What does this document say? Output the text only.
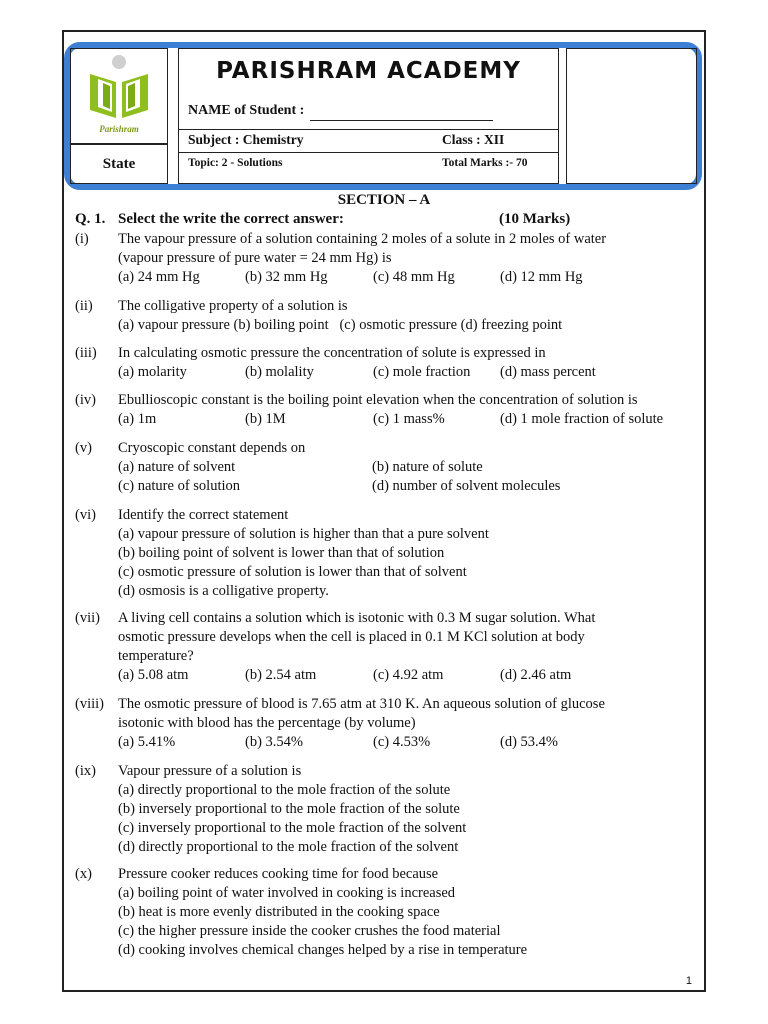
Parishram
State
PARISHRAM ACADEMY
NAME of Student :
Subject : Chemistry	Class : XII
Topic: 2 - Solutions	Total Marks :- 70
SECTION – A
Q. 1. Select the write the correct answer:	(10 Marks)
(i) The vapour pressure of a solution containing 2 moles of a solute in 2 moles of water
(vapour pressure of pure water = 24 mm Hg) is
(a) 24 mm Hg	(b) 32 mm Hg	(c) 48 mm Hg	(d) 12 mm Hg
(ii) The colligative property of a solution is
(a) vapour pressure (b) boiling point   (c) osmotic pressure (d) freezing point
(iii) In calculating osmotic pressure the concentration of solute is expressed in
(a) molarity	(b) molality	(c) mole fraction	(d) mass percent
(iv) Ebullioscopic constant is the boiling point elevation when the concentration of solution is
(a) 1m	(b) 1M	(c) 1 mass%	(d) 1 mole fraction of solute
(v) Cryoscopic constant depends on
(a) nature of solvent	(b) nature of solute
(c) nature of solution	(d) number of solvent molecules
(vi) Identify the correct statement
(a) vapour pressure of solution is higher than that a pure solvent
(b) boiling point of solvent is lower than that of solution
(c) osmotic pressure of solution is lower than that of solvent
(d) osmosis is a colligative property.
(vii) A living cell contains a solution which is isotonic with 0.3 M sugar solution. What
osmotic pressure develops when the cell is placed in 0.1 M KCl solution at body
temperature?
(a) 5.08 atm	(b) 2.54 atm	(c) 4.92 atm	(d) 2.46 atm
(viii) The osmotic pressure of blood is 7.65 atm at 310 K. An aqueous solution of glucose
isotonic with blood has the percentage (by volume)
(a) 5.41%	(b) 3.54%	(c) 4.53%	(d) 53.4%
(ix) Vapour pressure of a solution is
(a) directly proportional to the mole fraction of the solute
(b) inversely proportional to the mole fraction of the solute
(c) inversely proportional to the mole fraction of the solvent
(d) directly proportional to the mole fraction of the solvent
(x) Pressure cooker reduces cooking time for food because
(a) boiling point of water involved in cooking is increased
(b) heat is more evenly distributed in the cooking space
(c) the higher pressure inside the cooker crushes the food material
(d) cooking involves chemical changes helped by a rise in temperature
1
